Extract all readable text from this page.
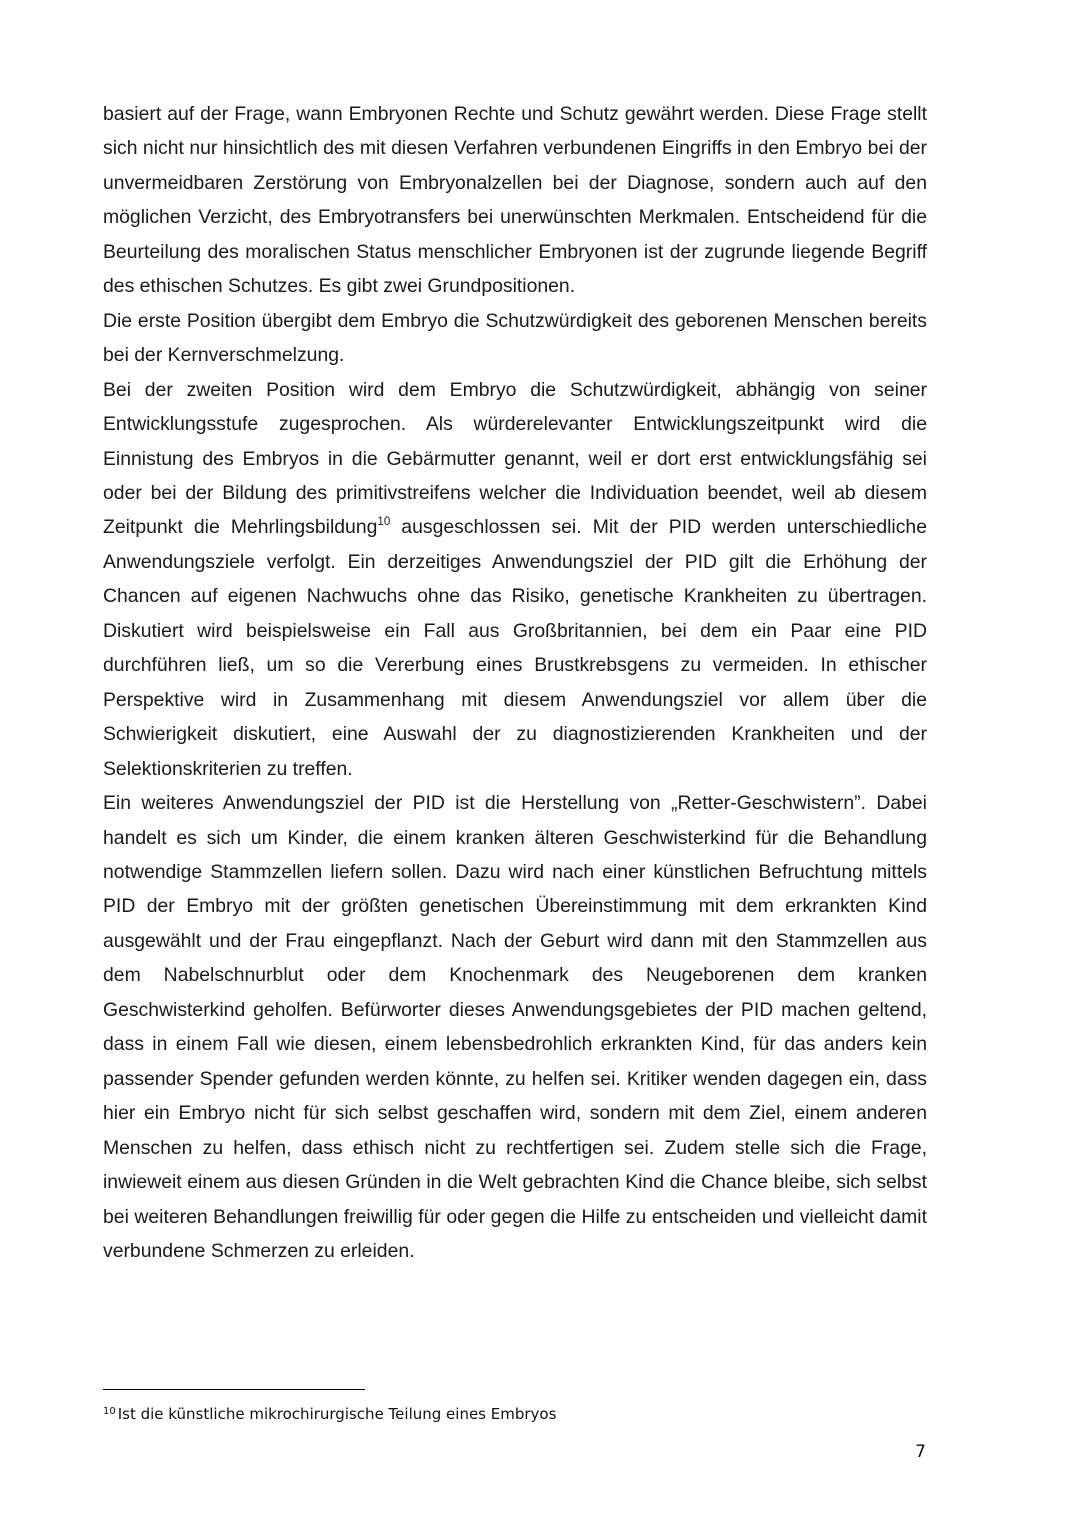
basiert auf der Frage, wann Embryonen Rechte und Schutz gewährt werden. Diese Frage stellt sich nicht nur hinsichtlich des mit diesen Verfahren verbundenen Eingriffs in den Embryo bei der unvermeidbaren Zerstörung von Embryonalzellen bei der Diagnose, sondern auch auf den möglichen Verzicht, des Embryotransfers bei unerwünschten Merkmalen. Entscheidend für die Beurteilung des moralischen Status menschlicher Embryonen ist der zugrunde liegende Begriff des ethischen Schutzes. Es gibt zwei Grundpositionen.

Die erste Position übergibt dem Embryo die Schutzwürdigkeit des geborenen Menschen bereits bei der Kernverschmelzung.

Bei der zweiten Position wird dem Embryo die Schutzwürdigkeit, abhängig von seiner Entwicklungsstufe zugesprochen. Als würderelevanter Entwicklungszeitpunkt wird die Einnistung des Embryos in die Gebärmutter genannt, weil er dort erst entwicklungsfähig sei oder bei der Bildung des primitivstreifens welcher die Individuation beendet, weil ab diesem Zeitpunkt die Mehrlingsbildung$^{10}$ ausgeschlossen sei. Mit der PID werden unterschiedliche Anwendungsziele verfolgt. Ein derzeitiges Anwendungsziel der PID gilt die Erhöhung der Chancen auf eigenen Nachwuchs ohne das Risiko, genetische Krankheiten zu übertragen. Diskutiert wird beispielsweise ein Fall aus Großbritannien, bei dem ein Paar eine PID durchführen ließ, um so die Vererbung eines Brustkrebsgens zu vermeiden. In ethischer Perspektive wird in Zusammenhang mit diesem Anwendungsziel vor allem über die Schwierigkeit diskutiert, eine Auswahl der zu diagnostizierenden Krankheiten und der Selektionskriterien zu treffen.

Ein weiteres Anwendungsziel der PID ist die Herstellung von „Retter-Geschwistern”. Dabei handelt es sich um Kinder, die einem kranken älteren Geschwisterkind für die Behandlung notwendige Stammzellen liefern sollen. Dazu wird nach einer künstlichen Befruchtung mittels PID der Embryo mit der größten genetischen Übereinstimmung mit dem erkrankten Kind ausgewählt und der Frau eingepflanzt. Nach der Geburt wird dann mit den Stammzellen aus dem Nabelschnurblut oder dem Knochenmark des Neugeborenen dem kranken Geschwisterkind geholfen. Befürworter dieses Anwendungsgebietes der PID machen geltend, dass in einem Fall wie diesen, einem lebensbedrohlich erkrankten Kind, für das anders kein passender Spender gefunden werden könnte, zu helfen sei. Kritiker wenden dagegen ein, dass hier ein Embryo nicht für sich selbst geschaffen wird, sondern mit dem Ziel, einem anderen Menschen zu helfen, dass ethisch nicht zu rechtfertigen sei. Zudem stelle sich die Frage, inwieweit einem aus diesen Gründen in die Welt gebrachten Kind die Chance bleibe, sich selbst bei weiteren Behandlungen freiwillig für oder gegen die Hilfe zu entscheiden und vielleicht damit verbundene Schmerzen zu erleiden.

$^{10}$ Ist die künstliche mikrochirurgische Teilung eines Embryos
7
